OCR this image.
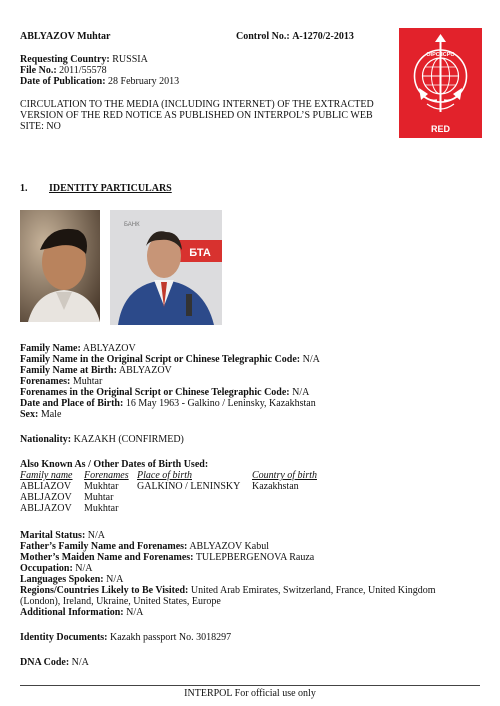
ABLYAZOV Muhtar	Control No.: A-1270/2-2013
Requesting Country: RUSSIA
File No.: 2011/55578
Date of Publication: 28 February 2013
CIRCULATION TO THE MEDIA (INCLUDING INTERNET) OF THE EXTRACTED
VERSION OF THE RED NOTICE AS PUBLISHED ON INTERPOL’S PUBLIC WEB
SITE: NO
OIPC ICPO
RED
1. IDENTITY PARTICULARS
БТА
БАНК
Family Name: ABLYAZOV
Family Name in the Original Script or Chinese Telegraphic Code: N/A
Family Name at Birth: ABLYAZOV
Forenames: Muhtar
Forenames in the Original Script or Chinese Telegraphic Code: N/A
Date and Place of Birth: 16 May 1963 - Galkino / Leninsky, Kazakhstan
Sex: Male
Nationality: KAZAKH (CONFIRMED)
Also Known As / Other Dates of Birth Used:
Family name Forenames Place of birth	Country of birth
ABLIAZOV Mukhtar GALKINO / LENINSKY Kazakhstan
ABLJAZOV Muhtar
ABLJAZOV Mukhtar
Marital Status: N/A
Father’s Family Name and Forenames: ABLYAZOV Kabul
Mother’s Maiden Name and Forenames: TULEPBERGENOVA Rauza
Occupation: N/A
Languages Spoken: N/A
Regions/Countries Likely to Be Visited: United Arab Emirates, Switzerland, France, United Kingdom
(London), Ireland, Ukraine, United States, Europe
Additional Information: N/A
Identity Documents: Kazakh passport No. 3018297
DNA Code: N/A
INTERPOL For official use only
